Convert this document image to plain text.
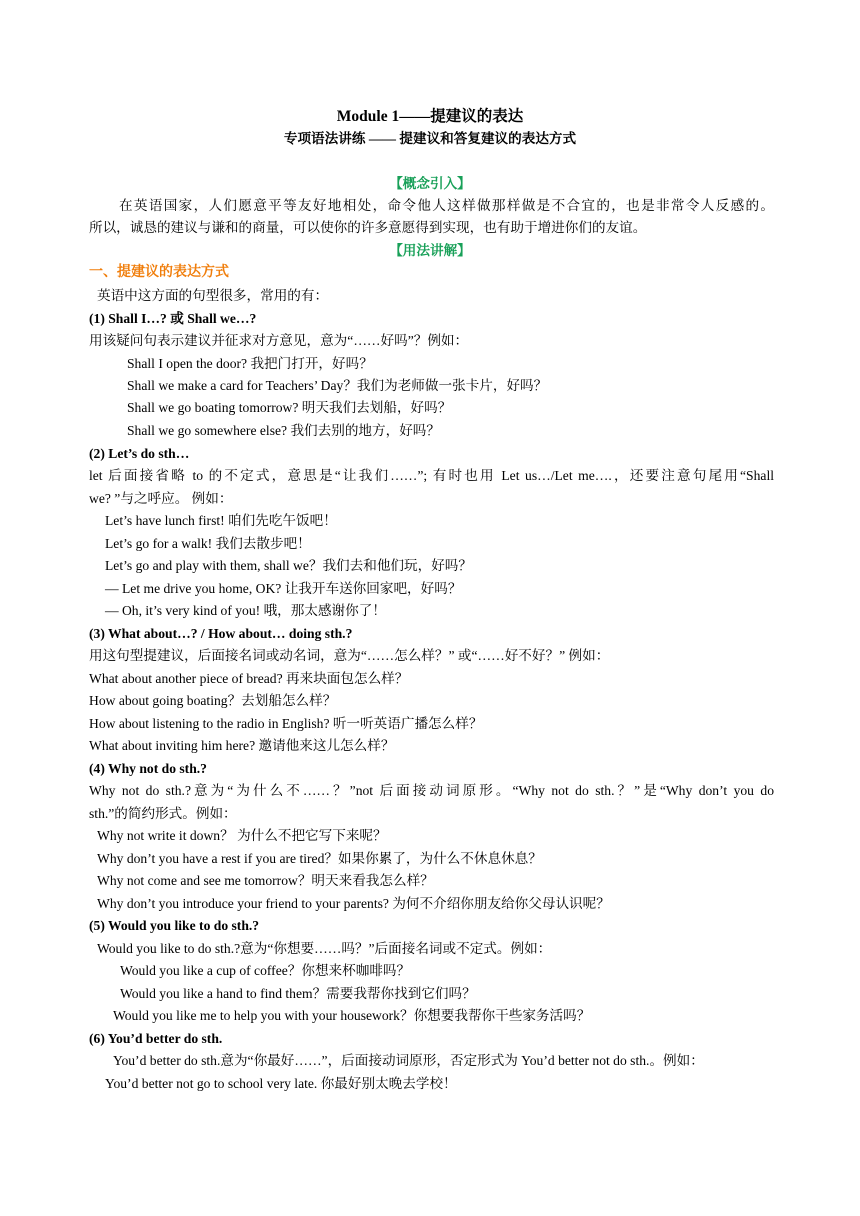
Module 1——提建议的表达
专项语法讲练 —— 提建议和答复建议的表达方式
【概念引入】
在英语国家，人们愿意平等友好地相处，命令他人这样做那样做是不合宜的，也是非常令人反感的。
所以，诚恳的建议与谦和的商量，可以使你的许多意愿得到实现，也有助于增进你们的友谊。
【用法讲解】
一、提建议的表达方式
英语中这方面的句型很多，常用的有：
(1) Shall I…? 或 Shall we…?
用该疑问句表示建议并征求对方意见，意为“……好吗”？例如：
Shall I open the door? 我把门打开，好吗？
Shall we make a card for Teachers’ Day？我们为老师做一张卡片，好吗？
Shall we go boating tomorrow? 明天我们去划船，好吗？
Shall we go somewhere else? 我们去别的地方，好吗？
(2) Let’s do sth…
let 后面接省略 to 的不定式，意思是“让我们……”; 有时也用 Let us…/Let me….，还要注意句尾用“Shall
we? ”与之呼应。 例如：
Let’s have lunch first! 咱们先吃午饭吧！
Let’s go for a walk! 我们去散步吧！
Let’s go and play with them, shall we？我们去和他们玩，好吗？
— Let me drive you home, OK? 让我开车送你回家吧，好吗？
— Oh, it’s very kind of you! 哦，那太感谢你了！
(3) What about…? / How about… doing sth.?
用这句型提建议，后面接名词或动名词，意为“……怎么样？” 或“……好不好？” 例如：
What about another piece of bread? 再来块面包怎么样？
How about going boating？去划船怎么样？
How about listening to the radio in English? 听一听英语广播怎么样？
What about inviting him here? 邀请他来这儿怎么样？
(4) Why not do sth.?
Why not do sth.?意为“为什么不……？”not 后面接动词原形。“Why not do sth.？”是“Why don’t you do
sth.”的简约形式。例如：
Why not write it down？ 为什么不把它写下来呢？
Why don’t you have a rest if you are tired？如果你累了，为什么不休息休息？
Why not come and see me tomorrow？明天来看我怎么样？
Why don’t you introduce your friend to your parents? 为何不介绍你朋友给你父母认识呢？
(5) Would you like to do sth.?
Would you like to do sth.?意为“你想要……吗？”后面接名词或不定式。例如：
Would you like a cup of coffee？你想来杯咖啡吗？
Would you like a hand to find them？需要我帮你找到它们吗？
Would you like me to help you with your housework？你想要我帮你干些家务活吗？
(6) You’d better do sth.
You’d better do sth.意为“你最好……”，后面接动词原形，否定形式为 You’d better not do sth.。例如：
You’d better not go to school very late. 你最好别太晚去学校！
